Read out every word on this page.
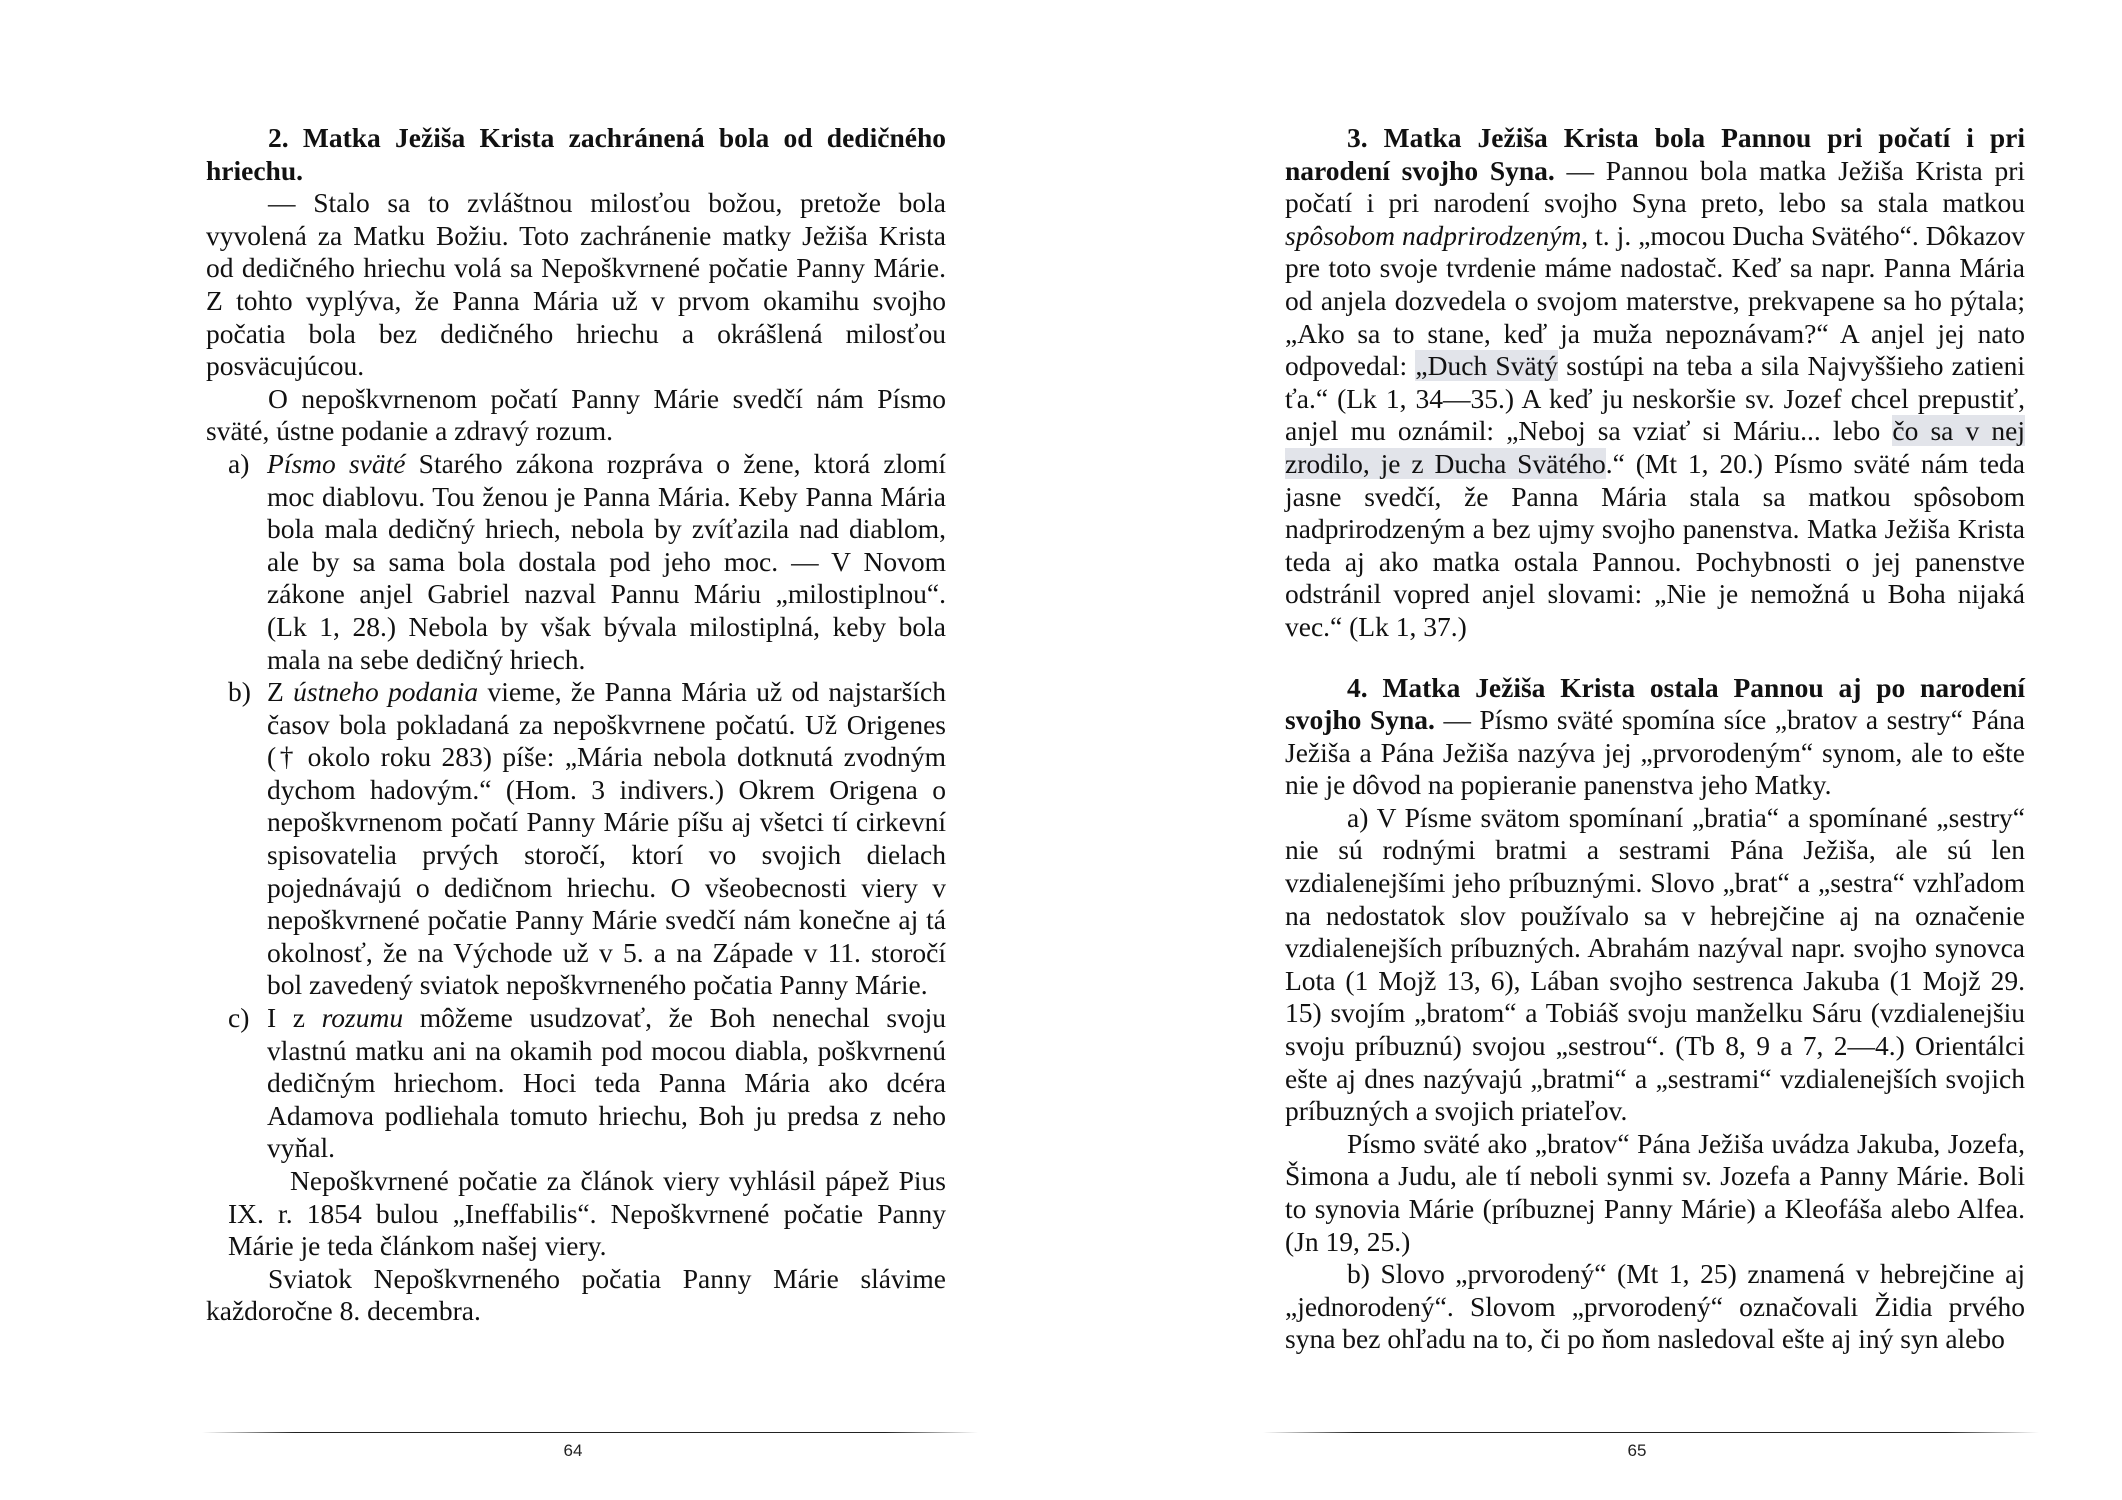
2. Matka Ježiša Krista zachránená bola od dedičného hriechu.

— Stalo sa to zvláštnou milosťou božou, pretože bola vyvolená za Matku Božiu. Toto zachránenie matky Ježiša Krista od dedičného hriechu volá sa Nepoškvrnené počatie Panny Márie. Z tohto vyplýva, že Panna Mária už v prvom okamihu svojho počatia bola bez dedičného hriechu a okrášlená milosťou posväcujúcou.

O nepoškvrnenom počatí Panny Márie svedčí nám Písmo sväté, ústne podanie a zdravý rozum.

a) Písmo sväté Starého zákona rozpráva o žene, ktorá zlomí moc diablovu. Tou ženou je Panna Mária. Keby Panna Mária bola mala dedičný hriech, nebola by zvíťazila nad diablom, ale by sa sama bola dostala pod jeho moc. — V Novom zákone anjel Gabriel nazval Pannu Máriu „milostiplnou“. (Lk 1, 28.) Nebola by však bývala milostiplná, keby bola mala na sebe dedičný hriech.
b) Z ústneho podania vieme, že Panna Mária už od najstarších časov bola pokladaná za nepoškvrnene počatú. Už Origenes († okolo roku 283) píše: „Mária nebola dotknutá zvodným dychom hadovým.“ (Hom. 3 indivers.) Okrem Origena o nepoškvrnenom počatí Panny Márie píšu aj všetci tí cirkevní spisovatelia prvých storočí, ktorí vo svojich dielach pojednávajú o dedičnom hriechu. O všeobecnosti viery v nepoškvrnené počatie Panny Márie svedčí nám konečne aj tá okolnosť, že na Východe už v 5. a na Západe v 11. storočí bol zavedený sviatok nepoškvrneného počatia Panny Márie.
c) I z rozumu môžeme usudzovať, že Boh nenechal svoju vlastnú matku ani na okamih pod mocou diabla, poškvrnenú dedičným hriechom. Hoci teda Panna Mária ako dcéra Adamova podliehala tomuto hriechu, Boh ju predsa z neho vyňal.

Nepoškvrnené počatie za článok viery vyhlásil pápež Pius IX. r. 1854 bulou „Ineffabilis“. Nepoškvrnené počatie Panny Márie je teda článkom našej viery.

Sviatok Nepoškvrneného počatia Panny Márie slávime každoročne 8. decembra.

64

3. Matka Ježiša Krista bola Pannou pri počatí i pri narodení svojho Syna. — Pannou bola matka Ježiša Krista pri počatí i pri narodení svojho Syna preto, lebo sa stala matkou spôsobom nadprirodzeným, t. j. „mocou Ducha Svätého“. Dôkazov pre toto svoje tvrdenie máme nadostač. Keď sa napr. Panna Mária od anjela dozvedela o svojom materstve, prekvapene sa ho pýtala; „Ako sa to stane, keď ja muža nepoznávam?“ A anjel jej nato odpovedal: „Duch Svätý sostúpi na teba a sila Najvyššieho zatieni ťa.“ (Lk 1, 34—35.) A keď ju neskoršie sv. Jozef chcel prepustiť, anjel mu oznámil: „Neboj sa vziať si Máriu... lebo čo sa v nej zrodilo, je z Ducha Svätého.“ (Mt 1, 20.) Písmo sväté nám teda jasne svedčí, že Panna Mária stala sa matkou spôsobom nadprirodzeným a bez ujmy svojho panenstva. Matka Ježiša Krista teda aj ako matka ostala Pannou. Pochybnosti o jej panenstve odstránil vopred anjel slovami: „Nie je nemožná u Boha nijaká vec.“ (Lk 1, 37.)

4. Matka Ježiša Krista ostala Pannou aj po narodení svojho Syna. — Písmo sväté spomína síce „bratov a sestry“ Pána Ježiša a Pána Ježiša nazýva jej „prvorodeným“ synom, ale to ešte nie je dôvod na popieranie panenstva jeho Matky.

a) V Písme svätom spomínaní „bratia“ a spomínané „sestry“ nie sú rodnými bratmi a sestrami Pána Ježiša, ale sú len vzdialenejšími jeho príbuznými. Slovo „brat“ a „sestra“ vzhľadom na nedostatok slov používalo sa v hebrejčine aj na označenie vzdialenejších príbuzných. Abrahám nazýval napr. svojho synovca Lota (1 Mojž 13, 6), Lában svojho sestrenca Jakuba (1 Mojž 29. 15) svojím „bratom“ a Tobiáš svoju manželku Sáru (vzdialenejšiu svoju príbuznú) svojou „sestrou“. (Tb 8, 9 a 7, 2—4.) Orientálci ešte aj dnes nazývajú „bratmi“ a „sestrami“ vzdialenejších svojich príbuzných a svojich priateľov.

Písmo sväté ako „bratov“ Pána Ježiša uvádza Jakuba, Jozefa, Šimona a Judu, ale tí neboli synmi sv. Jozefa a Panny Márie. Boli to synovia Márie (príbuznej Panny Márie) a Kleofáša alebo Alfea. (Jn 19, 25.)

b) Slovo „prvorodený“ (Mt 1, 25) znamená v hebrejčine aj „jednorodený“. Slovom „prvorodený“ označovali Židia prvého syna bez ohľadu na to, či po ňom nasledoval ešte aj iný syn alebo

65
